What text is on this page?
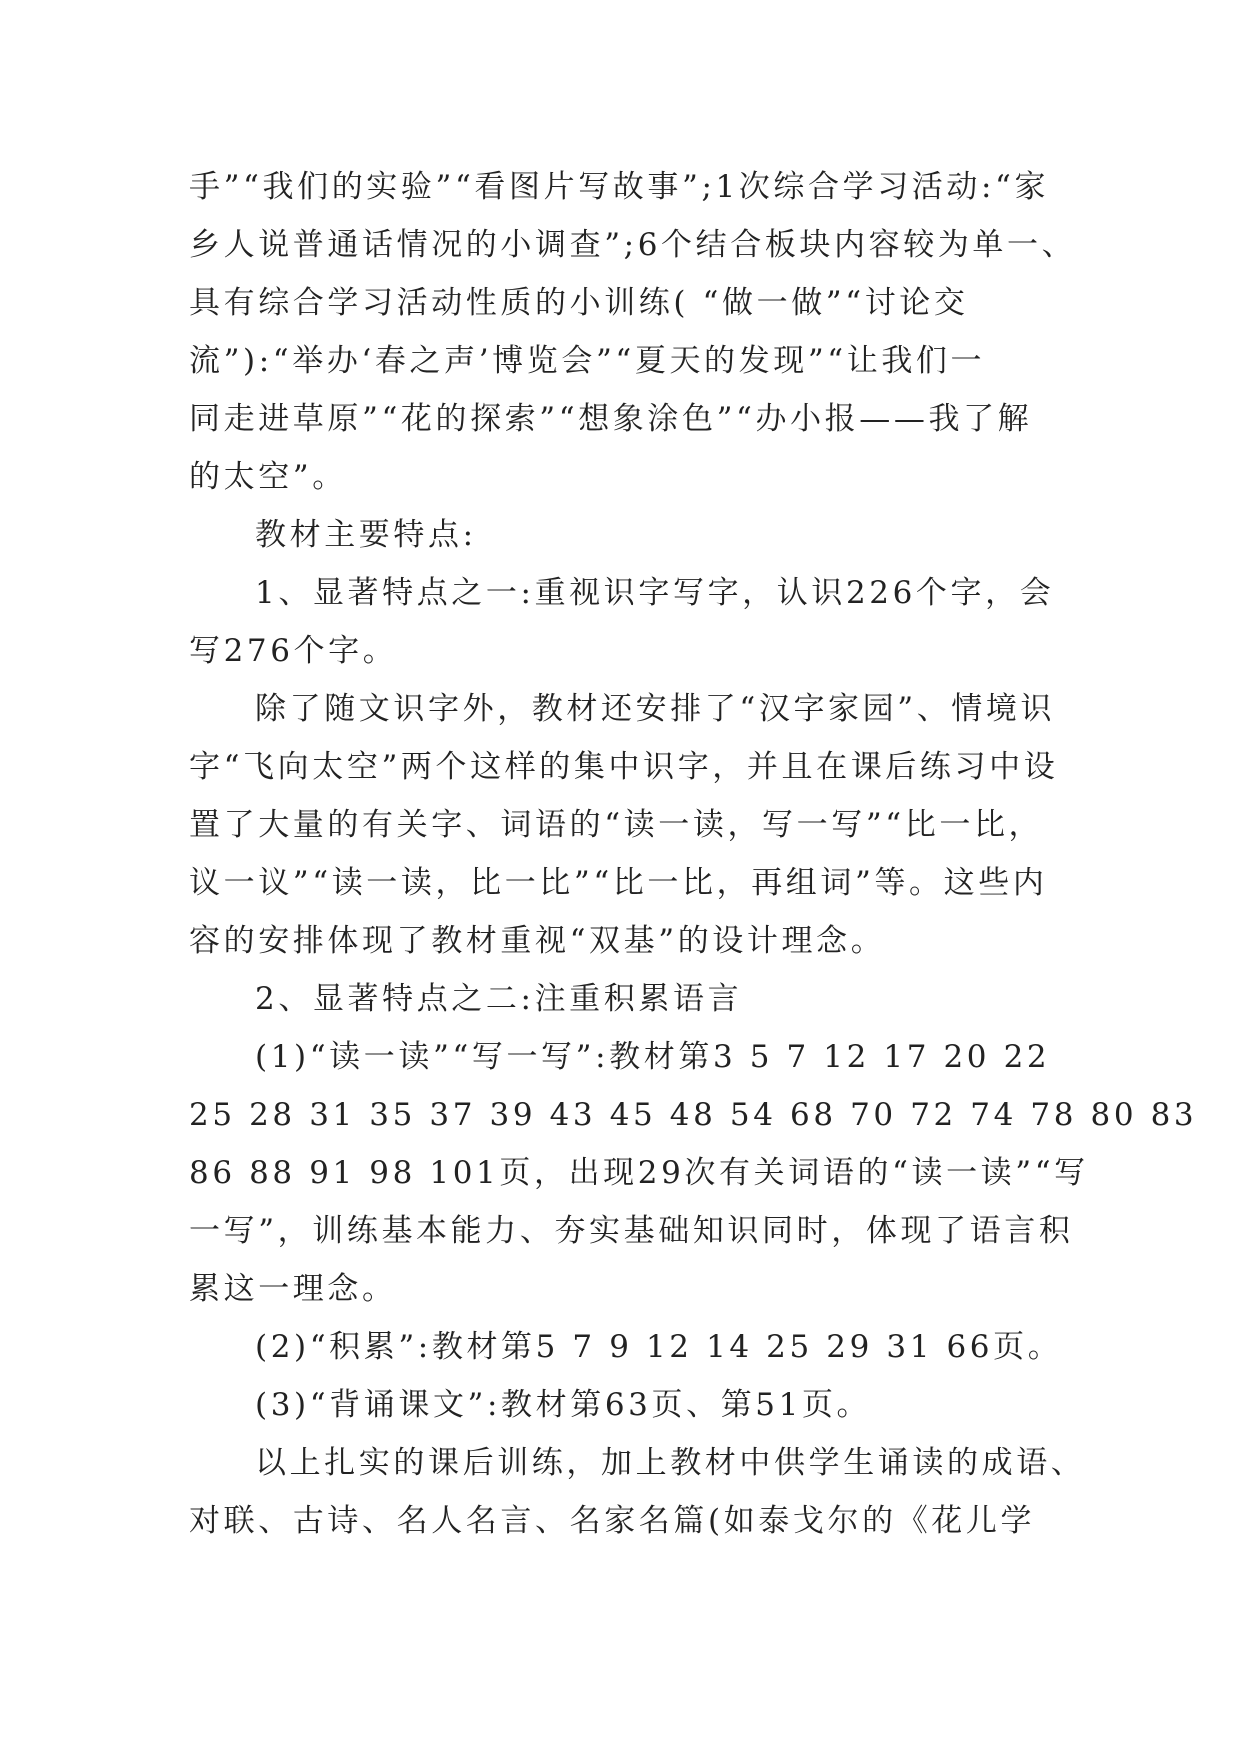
手”“我们的实验”“看图片写故事”;1次综合学习活动:“家
乡人说普通话情况的小调查”;6个结合板块内容较为单一、
具有综合学习活动性质的小训练( “做一做”“讨论交
流”):“举办‘春之声’博览会”“夏天的发现”“让我们一
同走进草原”“花的探索”“想象涂色”“办小报——我了解
的太空”。
教材主要特点:
1、显著特点之一:重视识字写字，认识226个字，会
写276个字。
除了随文识字外，教材还安排了“汉字家园”、情境识
字“飞向太空”两个这样的集中识字，并且在课后练习中设
置了大量的有关字、词语的“读一读，写一写”“比一比，
议一议”“读一读，比一比”“比一比，再组词”等。这些内
容的安排体现了教材重视“双基”的设计理念。
2、显著特点之二:注重积累语言
(1)“读一读”“写一写”:教材第3 5 7 12 17 20 22
25 28 31 35 37 39 43 45 48 54 68 70 72 74 78 80 83
86 88 91 98 101页，出现29次有关词语的“读一读”“写
一写”，训练基本能力、夯实基础知识同时，体现了语言积
累这一理念。
(2)“积累”:教材第5 7 9 12 14 25 29 31 66页。
(3)“背诵课文”:教材第63页、第51页。
以上扎实的课后训练，加上教材中供学生诵读的成语、
对联、古诗、名人名言、名家名篇(如泰戈尔的《花儿学
